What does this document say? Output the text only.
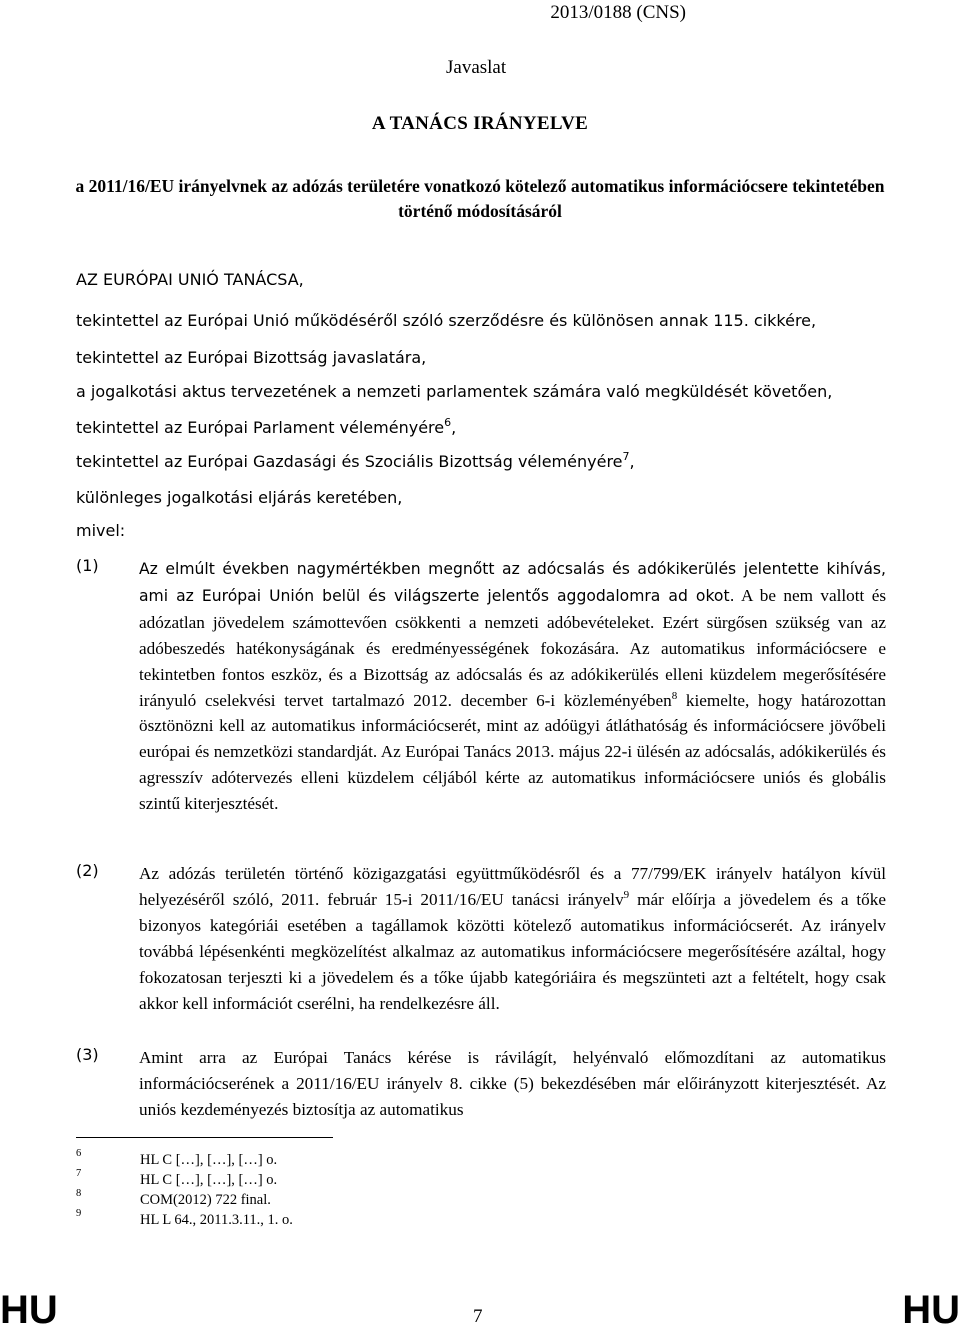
2013/0188 (CNS)
Javaslat
A TANÁCS IRÁNYELVE
a 2011/16/EU irányelvnek az adózás területére vonatkozó kötelező automatikus információcsere tekintetében történő módosításáról
AZ EURÓPAI UNIÓ TANÁCSA,
tekintettel az Európai Unió működéséről szóló szerződésre és különösen annak 115. cikkére,
tekintettel az Európai Bizottság javaslatára,
a jogalkotási aktus tervezetének a nemzeti parlamentek számára való megküldését követően,
tekintettel az Európai Parlament véleményére$^6$,
tekintettel az Európai Gazdasági és Szociális Bizottság véleményére$^7$,
különleges jogalkotási eljárás keretében,
mivel:
(1)	Az elmúlt években nagymértékben megnőtt az adócsalás és adókikerülés jelentette kihívás, ami az Európai Unión belül és világszerte jelentős aggodalomra ad okot. A be nem vallott és adózatlan jövedelem számottevően csökkenti a nemzeti adóbevételeket. Ezért sürgősen szükség van az adóbeszedés hatékonyságának és eredményességének fokozására. Az automatikus információcsere e tekintetben fontos eszköz, és a Bizottság az adócsalás és az adókikerülés elleni küzdelem megerősítésére irányuló cselekvési tervet tartalmazó 2012. december 6-i közleményében$^8$ kiemelte, hogy határozottan ösztönözni kell az automatikus információcserét, mint az adóügyi átláthatóság és információcsere jövőbeli európai és nemzetközi standardját. Az Európai Tanács 2013. május 22-i ülésén az adócsalás, adókikerülés és agresszív adótervezés elleni küzdelem céljából kérte az automatikus információcsere uniós és globális szintű kiterjesztését.
(2) Az adózás területén történő közigazgatási együttműködésről és a 77/799/EK irányelv hatályon kívül helyezéséről szóló, 2011. február 15-i 2011/16/EU tanácsi irányelv$^9$ már előírja a jövedelem és a tőke bizonyos kategóriái esetében a tagállamok közötti kötelező automatikus információcserét. Az irányelv továbbá lépésenkénti megközelítést alkalmaz az automatikus információcsere megerősítésére azáltal, hogy fokozatosan terjeszti ki a jövedelem és a tőke újabb kategóriáira és megszünteti azt a feltételt, hogy csak akkor kell információt cserélni, ha rendelkezésre áll.
(3) Amint arra az Európai Tanács kérése is rávilágít, helyénvaló előmozdítani az automatikus információcserének a 2011/16/EU irányelv 8. cikke (5) bekezdésében már előirányzott kiterjesztését. Az uniós kezdeményezés biztosítja az automatikus
6	HL C […], […], […] o.
7	HL C […], […], […] o.
8	COM(2012) 722 final.
9	HL L 64., 2011.3.11., 1. o.
HU	7	HU
